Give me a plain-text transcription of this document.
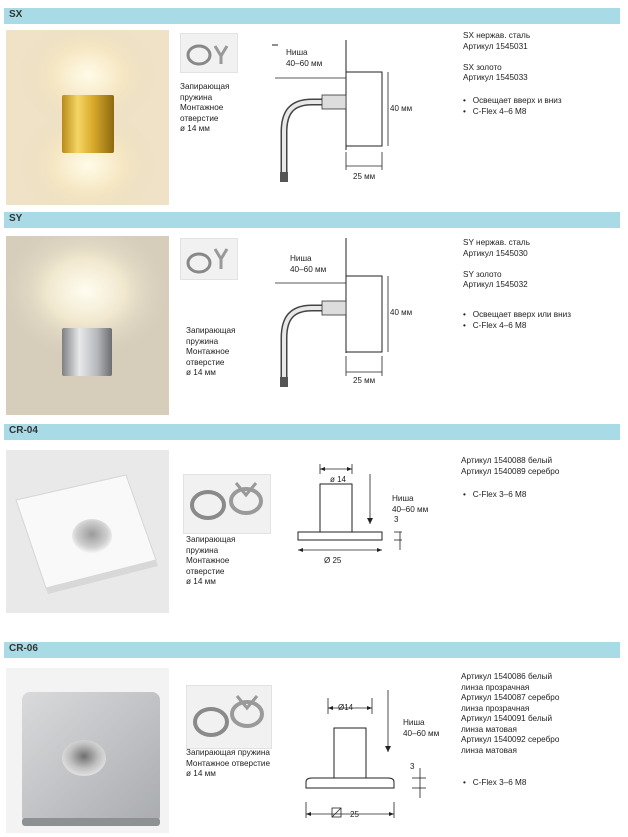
SX
Запирающая
пружина
Монтажное
отверстие
ø 14 мм
Ниша
40–60 мм
40 мм
25 мм
SX нержав. сталь
Артикул 1545031

SX золото
Артикул 1545033
•   Освещает вверх и вниз
•   C-Flex 4–6 M8
SY
Запирающая
пружина
Монтажное
отверстие
ø 14 мм
Ниша
40–60 мм
40 мм
25 мм
SY нержав. сталь
Артикул 1545030

SY золото
Артикул 1545032
•   Освещает вверх или вниз
•   C-Flex 4–6 M8
CR-04
Запирающая
пружина
Монтажное
отверстие
ø 14 мм
ø 14
Ниша
40–60 мм
3
Ø 25
Артикул 1540088 белый
Артикул 1540089 серебро
•   C-Flex 3–6 M8
CR-06
Запирающая пружина
Монтажное отверстие
ø 14 мм
Ø14
Ниша
40–60 мм
3
25
Артикул 1540086 белый
линза прозрачная
Артикул 1540087 серебро
линза прозрачная
Артикул 1540091 белый
линза матовая
Артикул 1540092 серебро
линза матовая
•   C-Flex 3–6 M8
